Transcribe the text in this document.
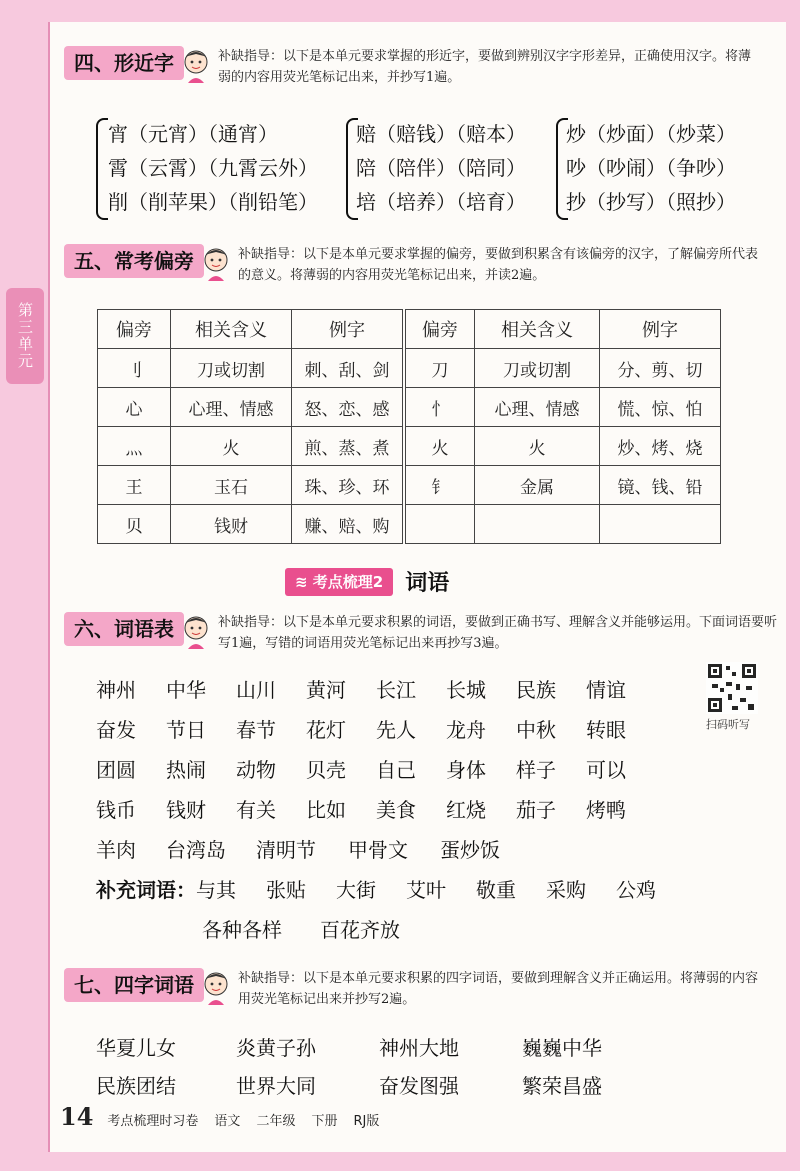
第三单元
四、形近字	补缺指导：以下是本单元要求掌握的形近字，要做到辨别汉字字形差异，正确使用汉字。将薄弱的内容用荧光笔标记出来，并抄写1遍。
宵（元宵）（通宵）
霄（云霄）（九霄云外）
削（削苹果）（削铅笔）
赔（赔钱）（赔本）
陪（陪伴）（陪同）
培（培养）（培育）
炒（炒面）（炒菜）
吵（吵闹）（争吵）
抄（抄写）（照抄）
五、常考偏旁	补缺指导：以下是本单元要求掌握的偏旁，要做到积累含有该偏旁的汉字，了解偏旁所代表的意义。将薄弱的内容用荧光笔标记出来，并读2遍。
偏旁	相关含义	例字
刂	刀或切割	刺、刮、剑
心	心理、情感	怒、恋、感
灬	火	煎、蒸、煮
王	玉石	珠、珍、环
贝	钱财	赚、赔、购
偏旁	相关含义	例字
刀	刀或切割	分、剪、切
忄	心理、情感	慌、惊、怕
火	火	炒、烤、烧
钅	金属	镜、钱、铅

≋ 考点梳理2	词语
六、词语表	补缺指导：以下是本单元要求积累的词语，要做到正确书写、理解含义并能够运用。下面词语要听写1遍，写错的词语用荧光笔标记出来再抄写3遍。
神州 中华 山川 黄河 长江 长城 民族 情谊
奋发 节日 春节 花灯 先人 龙舟 中秋 转眼
团圆 热闹 动物 贝壳 自己 身体 样子 可以
钱币 钱财 有关 比如 美食 红烧 茄子 烤鸭
羊肉 台湾岛 清明节 甲骨文 蛋炒饭
补充词语：与其 张贴 大街 艾叶 敬重 采购 公鸡
各种各样 百花齐放
扫码听写
七、四字词语	补缺指导：以下是本单元要求积累的四字词语，要做到理解含义并正确运用。将薄弱的内容用荧光笔标记出来并抄写2遍。
华夏儿女	炎黄子孙	神州大地	巍巍中华
民族团结	世界大同	奋发图强	繁荣昌盛
14 考点梳理时习卷 语文 二年级 下册 RJ版
